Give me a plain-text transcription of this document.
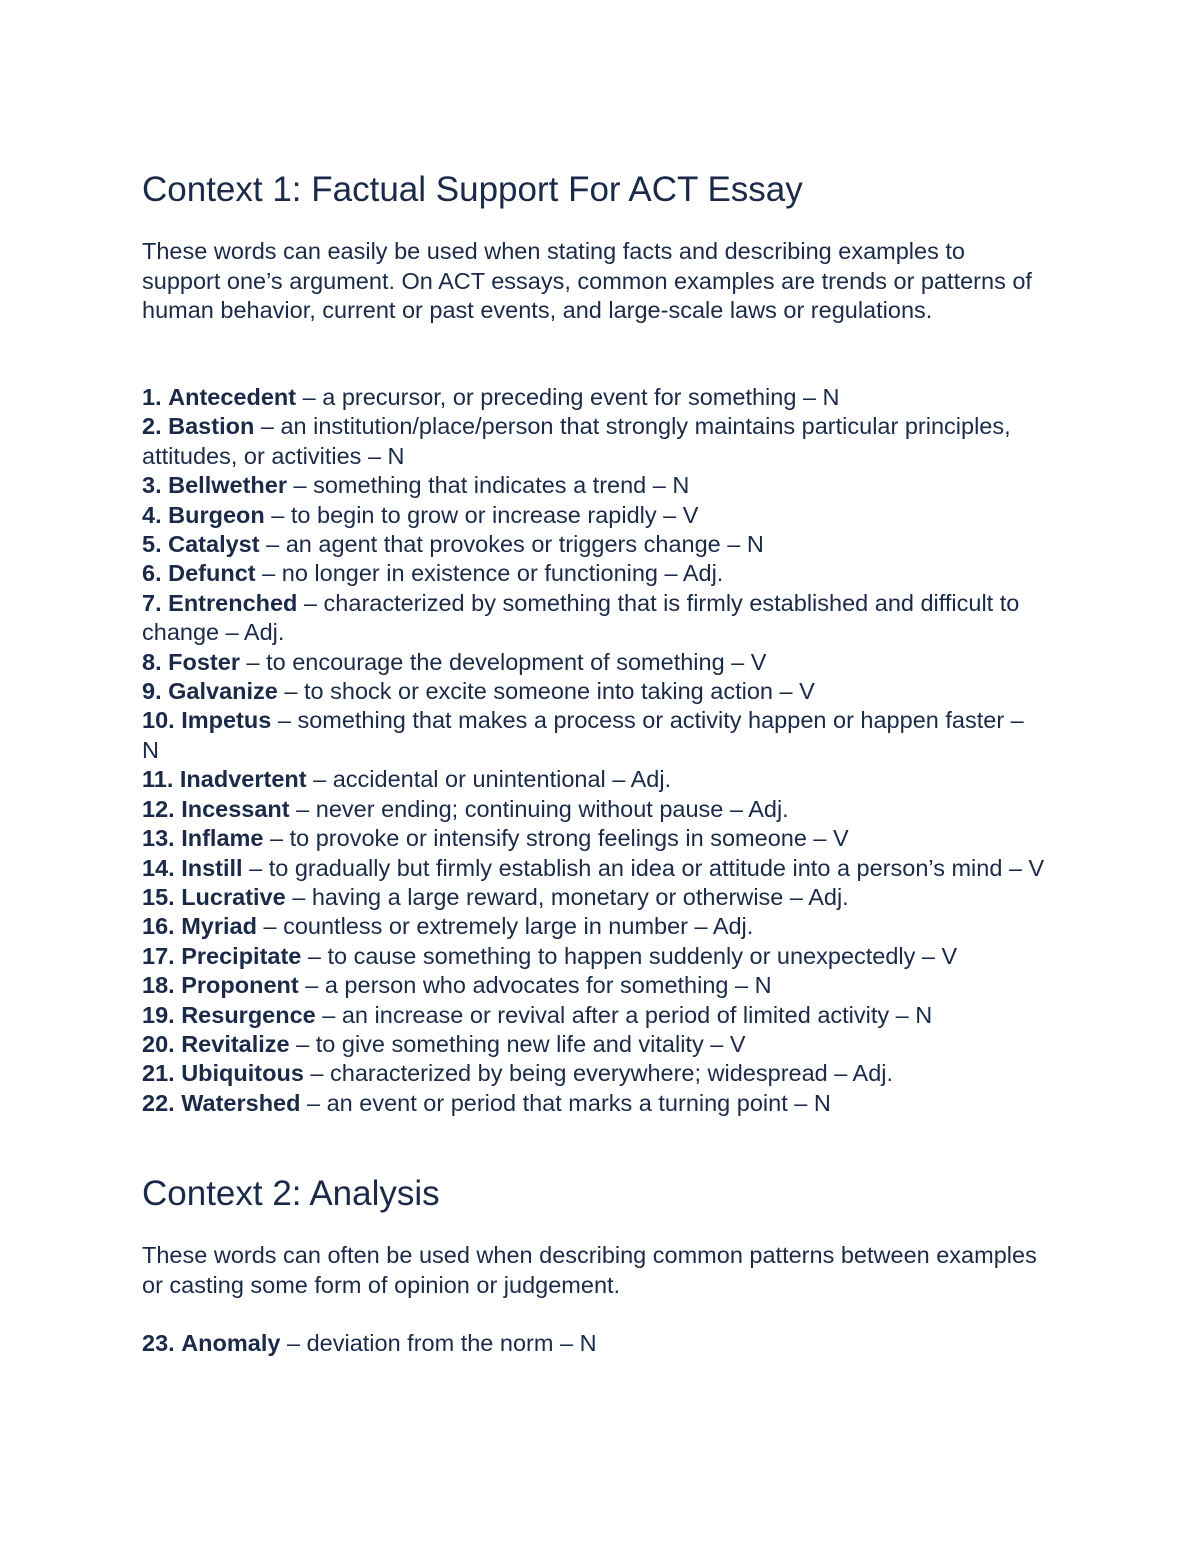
Context 1: Factual Support For ACT Essay
These words can easily be used when stating facts and describing examples to support one’s argument. On ACT essays, common examples are trends or patterns of human behavior, current or past events, and large-scale laws or regulations.
1. Antecedent – a precursor, or preceding event for something – N
2. Bastion – an institution/place/person that strongly maintains particular principles, attitudes, or activities – N
3. Bellwether – something that indicates a trend – N
4. Burgeon – to begin to grow or increase rapidly – V
5. Catalyst – an agent that provokes or triggers change – N
6. Defunct – no longer in existence or functioning – Adj.
7. Entrenched – characterized by something that is firmly established and difficult to change – Adj.
8. Foster – to encourage the development of something – V
9. Galvanize – to shock or excite someone into taking action – V
10. Impetus – something that makes a process or activity happen or happen faster – N
11. Inadvertent – accidental or unintentional – Adj.
12. Incessant – never ending; continuing without pause – Adj.
13. Inflame – to provoke or intensify strong feelings in someone – V
14. Instill – to gradually but firmly establish an idea or attitude into a person’s mind – V
15. Lucrative – having a large reward, monetary or otherwise – Adj.
16. Myriad – countless or extremely large in number – Adj.
17. Precipitate – to cause something to happen suddenly or unexpectedly – V
18. Proponent – a person who advocates for something – N
19. Resurgence – an increase or revival after a period of limited activity – N
20. Revitalize – to give something new life and vitality – V
21. Ubiquitous – characterized by being everywhere; widespread – Adj.
22. Watershed – an event or period that marks a turning point – N
Context 2: Analysis
These words can often be used when describing common patterns between examples or casting some form of opinion or judgement.
23. Anomaly – deviation from the norm – N
